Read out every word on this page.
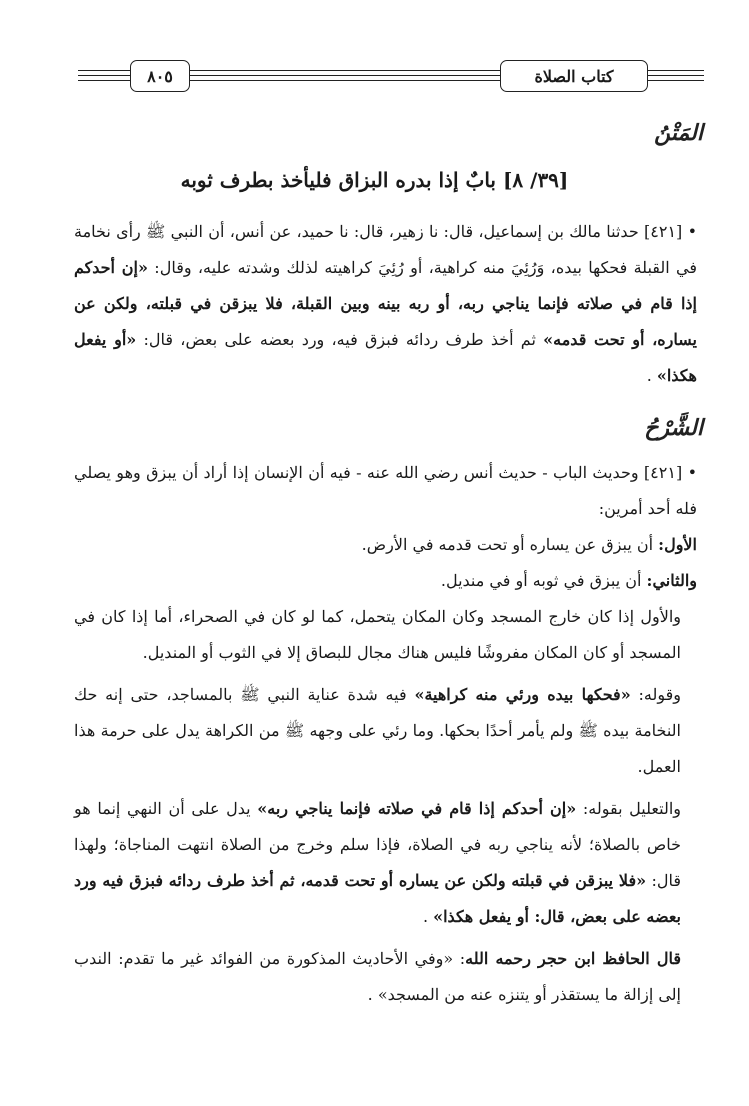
كتاب الصلاة
٨٠٥
المَتْنُ
[٣٩/ ٨] بابٌ إذا بدره البزاق فليأخذ بطرف ثوبه

• [٤٢١] حدثنا مالك بن إسماعيل، قال: نا زهير، قال: نا حميد، عن أنس، أن النبي ﷺ رأى نخامة في القبلة فحكها بيده، وَرُئِيَ منه كراهية، أو رُئِيَ كراهيته لذلك وشدته عليه، وقال: «إن أحدكم إذا قام في صلاته فإنما يناجي ربه، أو ربه بينه وبين القبلة، فلا يبزقن في قبلته، ولكن عن يساره، أو تحت قدمه» ثم أخذ طرف ردائه فبزق فيه، ورد بعضه على بعض، قال: «أو يفعل هكذا» .

الشَّرْحُ

• [٤٢١] وحديث الباب - حديث أنس رضي الله عنه - فيه أن الإنسان إذا أراد أن يبزق وهو يصلي فله أحد أمرين:

الأول: أن يبزق عن يساره أو تحت قدمه في الأرض.

والثاني: أن يبزق في ثوبه أو في منديل.

والأول إذا كان خارج المسجد وكان المكان يتحمل، كما لو كان في الصحراء، أما إذا كان في المسجد أو كان المكان مفروشًا فليس هناك مجال للبصاق إلا في الثوب أو المنديل.

وقوله: «فحكها بيده ورئي منه كراهية» فيه شدة عناية النبي ﷺ بالمساجد، حتى إنه حك النخامة بيده ﷺ ولم يأمر أحدًا بحكها. وما رئي على وجهه ﷺ من الكراهة يدل على حرمة هذا العمل.

والتعليل بقوله: «إن أحدكم إذا قام في صلاته فإنما يناجي ربه» يدل على أن النهي إنما هو خاص بالصلاة؛ لأنه يناجي ربه في الصلاة، فإذا سلم وخرج من الصلاة انتهت المناجاة؛ ولهذا قال: «فلا يبزقن في قبلته ولكن عن يساره أو تحت قدمه، ثم أخذ طرف ردائه فبزق فيه ورد بعضه على بعض، قال: أو يفعل هكذا» .

قال الحافظ ابن حجر رحمه الله: «وفي الأحاديث المذكورة من الفوائد غير ما تقدم: الندب إلى إزالة ما يستقذر أو يتنزه عنه من المسجد» .
